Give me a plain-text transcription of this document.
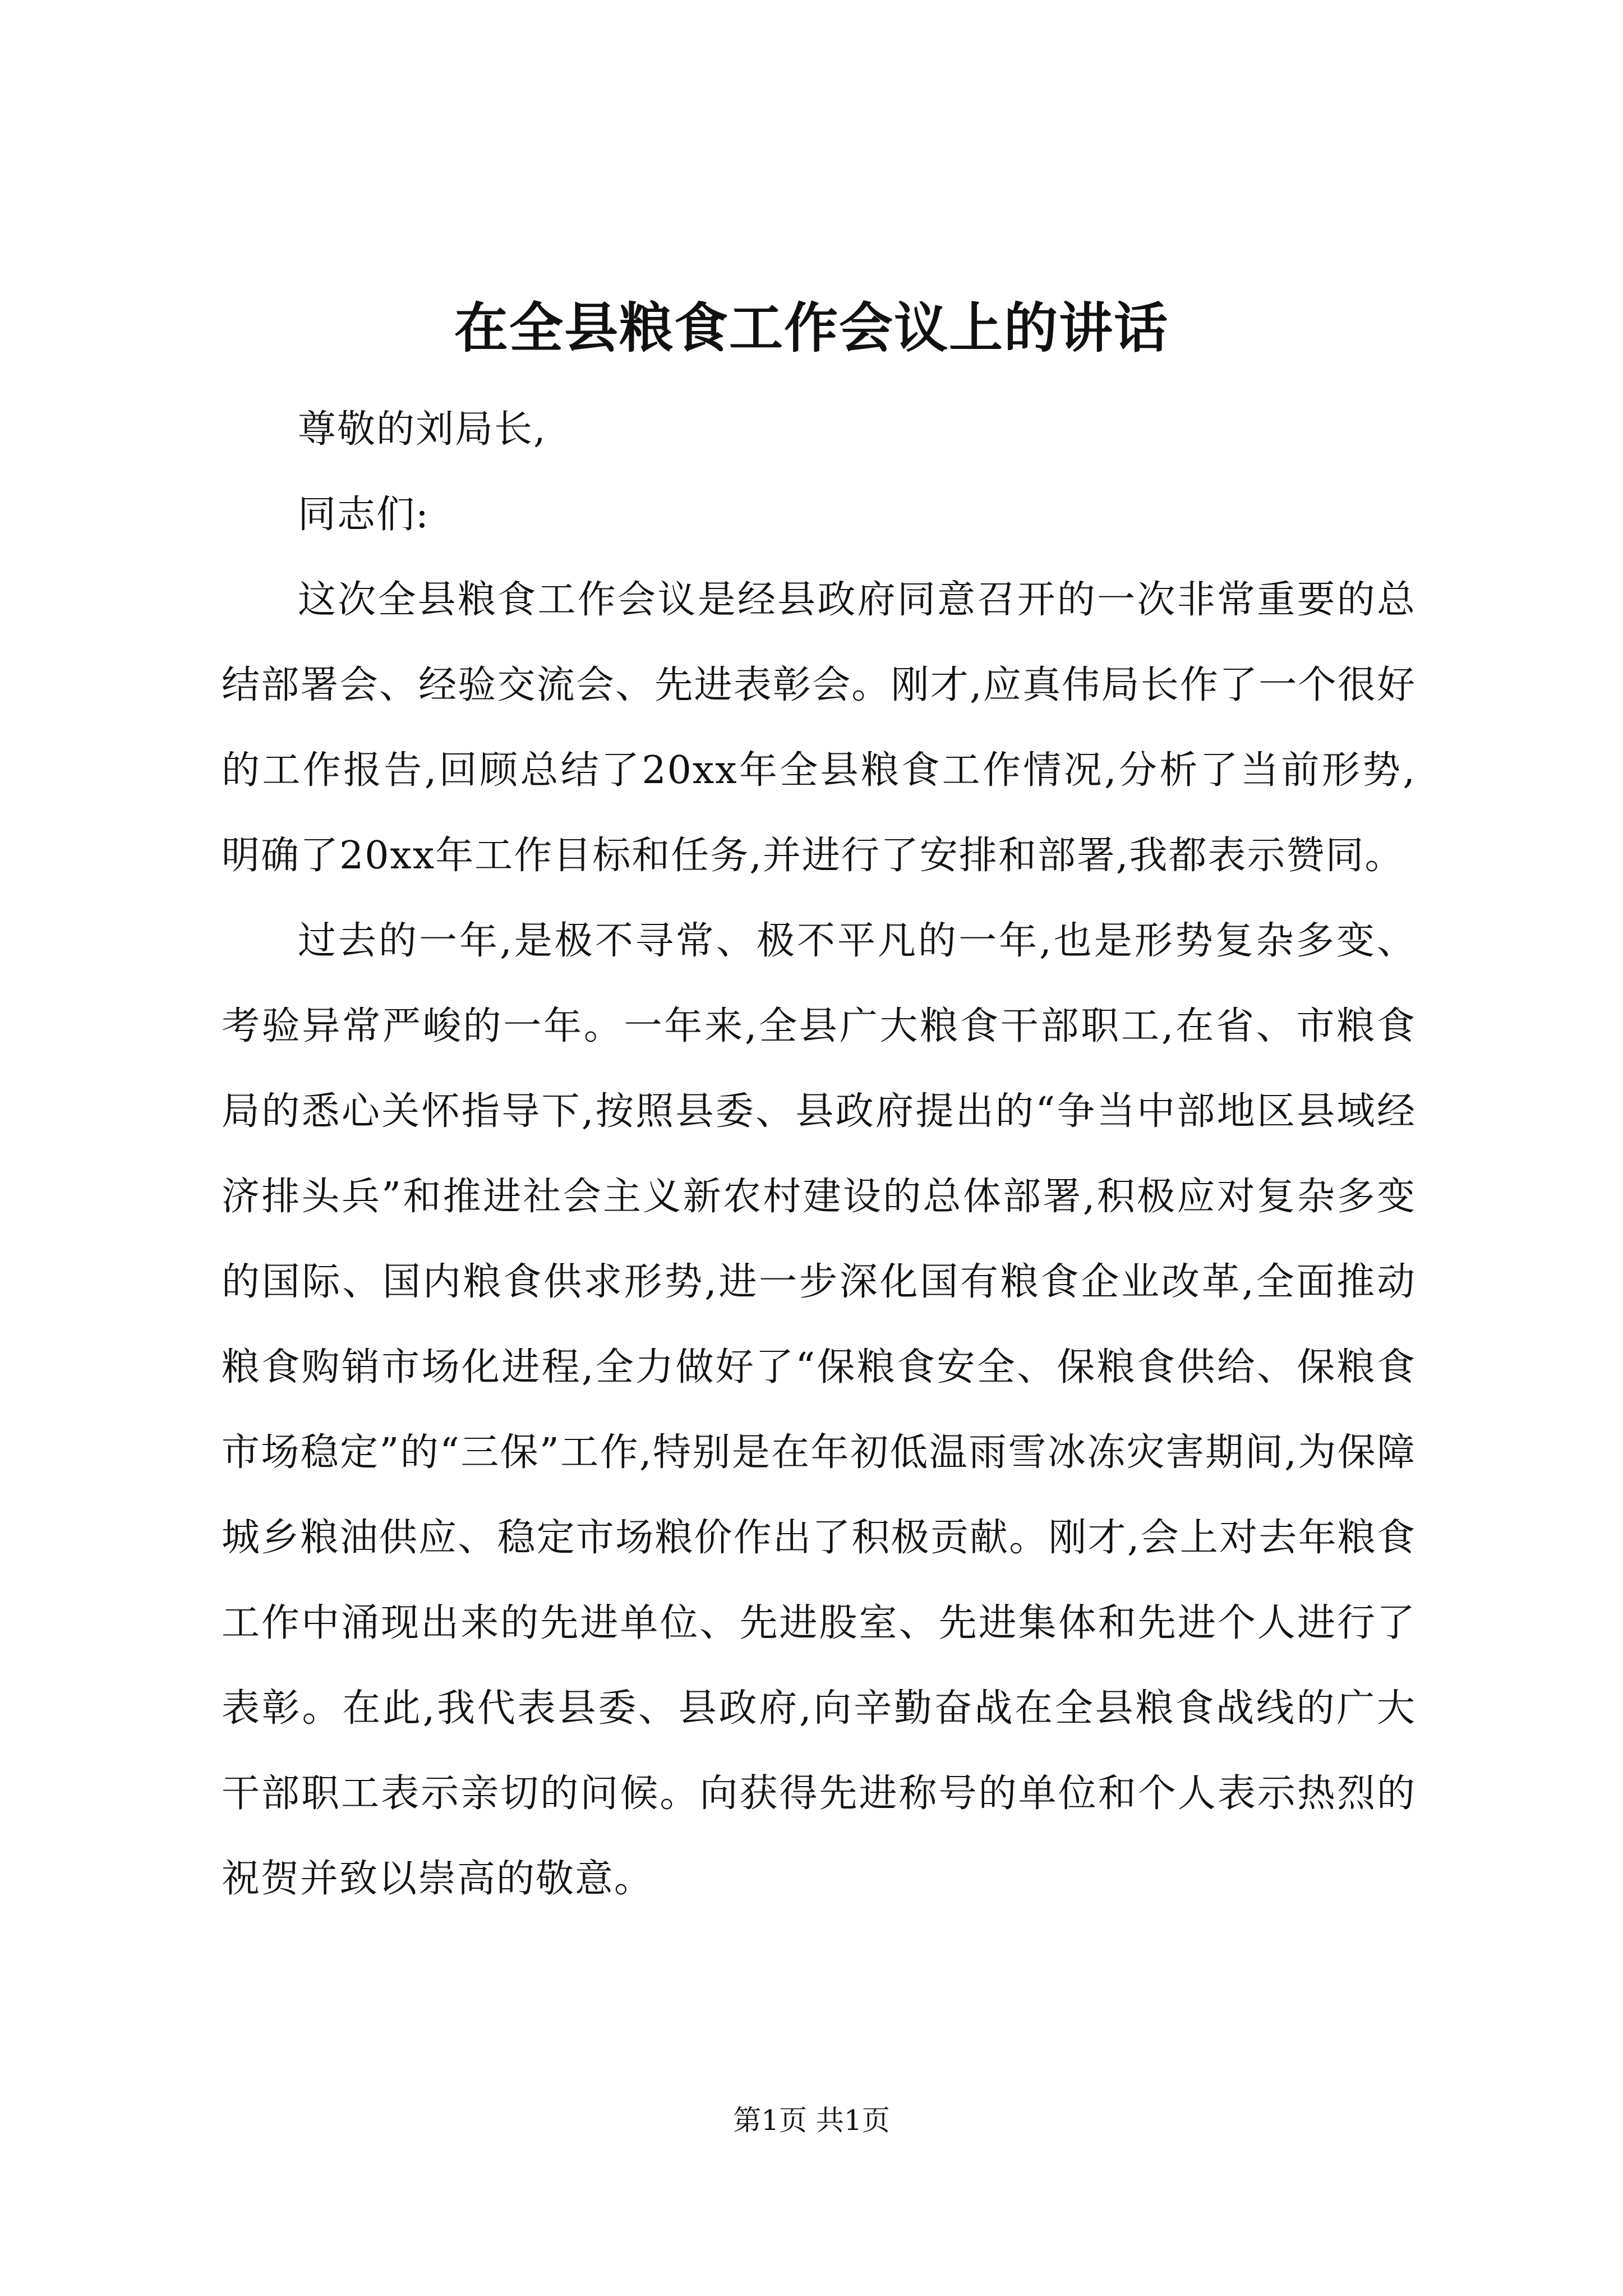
在全县粮食工作会议上的讲话

尊敬的刘局长,

同志们:

这次全县粮食工作会议是经县政府同意召开的一次非常重要的总结部署会、经验交流会、先进表彰会。刚才,应真伟局长作了一个很好的工作报告,回顾总结了20xx年全县粮食工作情况,分析了当前形势,明确了20xx年工作目标和任务,并进行了安排和部署,我都表示赞同。

过去的一年,是极不寻常、极不平凡的一年,也是形势复杂多变、考验异常严峻的一年。一年来,全县广大粮食干部职工,在省、市粮食局的悉心关怀指导下,按照县委、县政府提出的“争当中部地区县域经济排头兵”和推进社会主义新农村建设的总体部署,积极应对复杂多变的国际、国内粮食供求形势,进一步深化国有粮食企业改革,全面推动粮食购销市场化进程,全力做好了“保粮食安全、保粮食供给、保粮食市场稳定”的“三保”工作,特别是在年初低温雨雪冰冻灾害期间,为保障城乡粮油供应、稳定市场粮价作出了积极贡献。刚才,会上对去年粮食工作中涌现出来的先进单位、先进股室、先进集体和先进个人进行了表彰。在此,我代表县委、县政府,向辛勤奋战在全县粮食战线的广大干部职工表示亲切的问候。向获得先进称号的单位和个人表示热烈的祝贺并致以崇高的敬意。

第1页 共1页
